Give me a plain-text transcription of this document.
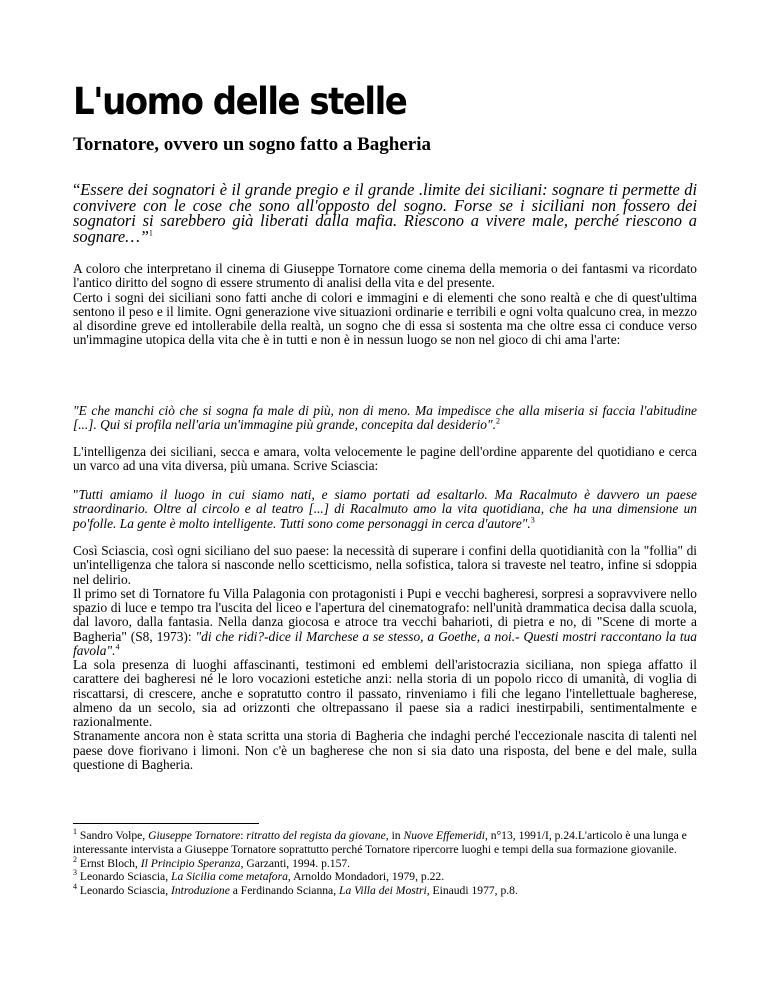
L'uomo delle stelle
Tornatore, ovvero un sogno fatto a Bagheria

“Essere dei sognatori è il grande pregio e il grande .limite dei siciliani: sognare ti permette di convivere con le cose che sono all'opposto del sogno. Forse se i siciliani non fossero dei sognatori si sarebbero già liberati dalla mafia. Riescono a vivere male, perché riescono a sognare…”$^1$

A coloro che interpretano il cinema di Giuseppe Tornatore come cinema della memoria o dei fantasmi va ricordato l'antico diritto del sogno di essere strumento di analisi della vita e del presente.
Certo i sogni dei siciliani sono fatti anche di colori e immagini e di elementi che sono realtà e che di quest'ultima sentono il peso e il limite. Ogni generazione vive situazioni ordinarie e terribili e ogni volta qualcuno crea, in mezzo al disordine greve ed intollerabile della realtà, un sogno che di essa si sostenta ma che oltre essa ci conduce verso un'immagine utopica della vita che è in tutti e non è in nessun luogo se non nel gioco di chi ama l'arte:

"E che manchi ciò che si sogna fa male di più, non di meno. Ma impedisce che alla miseria si faccia l'abitudine [...]. Qui si profila nell'aria un'immagine più grande, concepita dal desiderio".$^2$

L'intelligenza dei siciliani, secca e amara, volta velocemente le pagine dell'ordine apparente del quotidiano e cerca un varco ad una vita diversa, più umana. Scrive Sciascia:

"Tutti amiamo il luogo in cui siamo nati, e siamo portati ad esaltarlo. Ma Racalmuto è davvero un paese straordinario. Oltre al circolo e al teatro [...] di Racalmuto amo la vita quotidiana, che ha una dimensione un po'folle. La gente è molto intelligente. Tutti sono come personaggi in cerca d'autore".$^3$

Così Sciascia, così ogni siciliano del suo paese: la necessità di superare i confini della quotidianità con la "follia" di un'intelligenza che talora si nasconde nello scetticismo, nella sofistica, talora si traveste nel teatro, infine si sdoppia nel delirio.
Il primo set di Tornatore fu Villa Palagonia con protagonisti i Pupi e vecchi bagheresi, sorpresi a sopravvivere nello spazio di luce e tempo tra l'uscita del liceo e l'apertura del cinematografo: nell'unità drammatica decisa dalla scuola, dal lavoro, dalla fantasia. Nella danza giocosa e atroce tra vecchi baharioti, di pietra e no, di "Scene di morte a Bagheria" (S8, 1973): "di che ridi?-dice il Marchese a se stesso, a Goethe, a noi.- Questi mostri raccontano la tua favola".$^4$

La sola presenza di luoghi affascinanti, testimoni ed emblemi dell'aristocrazia siciliana, non spiega affatto il carattere dei bagheresi né le loro vocazioni estetiche anzi: nella storia di un popolo ricco di umanità, di voglia di riscattarsi, di crescere, anche e sopratutto contro il passato, rinveniamo i fili che legano l'intellettuale bagherese, almeno da un secolo, sia ad orizzonti che oltrepassano il paese sia a radici inestirpabili, sentimentalmente e razionalmente.
Stranamente ancora non è stata scritta una storia di Bagheria che indaghi perché l'eccezionale nascita di talenti nel paese dove fiorivano i limoni. Non c'è un bagherese che non si sia dato una risposta, del bene e del male, sulla questione di Bagheria.

$^1$ Sandro Volpe, Giuseppe Tornatore: ritratto del regista da giovane, in Nuove Effemeridi, n°13, 1991/I, p.24.L'articolo è una lunga e interessante intervista a Giuseppe Tornatore soprattutto perché Tornatore ripercorre luoghi e tempi della sua formazione giovanile.

$^2$ Ernst Bloch, Il Principio Speranza, Garzanti, 1994. p.157.

$^3$ Leonardo Sciascia, La Sicilia come metafora, Arnoldo Mondadori, 1979, p.22.

$^4$ Leonardo Sciascia, Introduzione a Ferdinando Scianna, La Villa dei Mostri, Einaudi 1977, p.8.
